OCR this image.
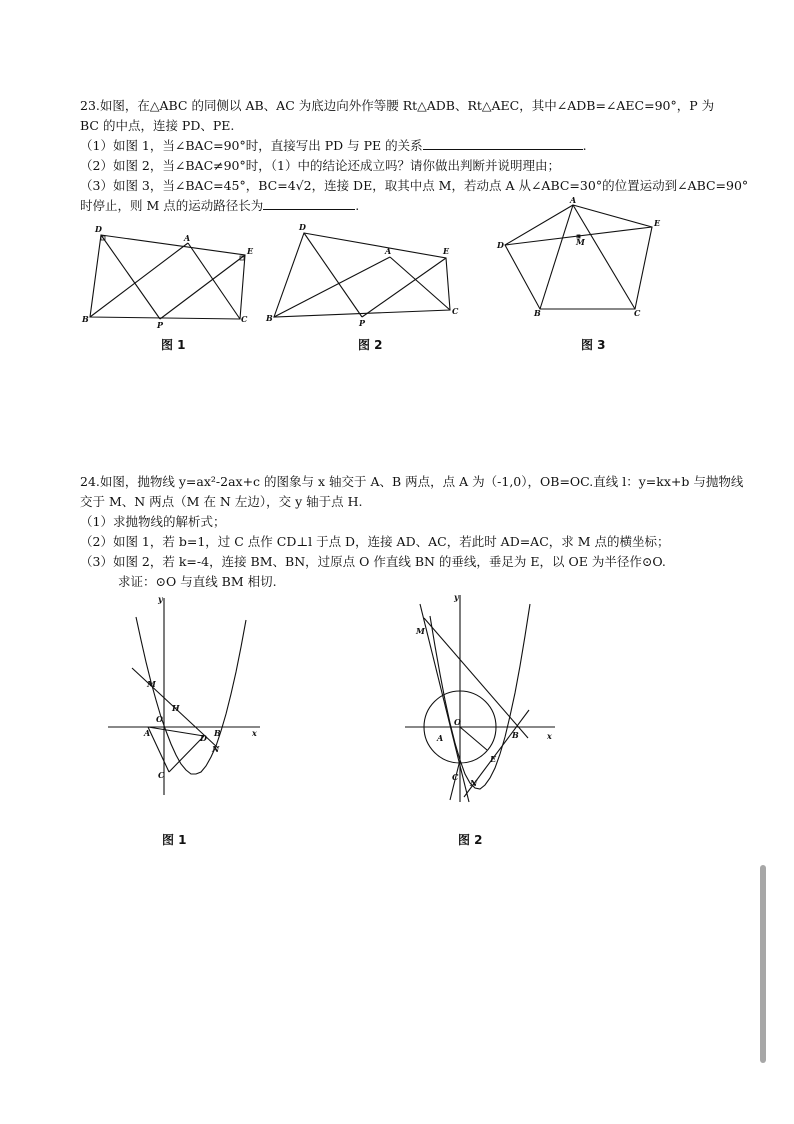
23.如图，在△ABC 的同侧以 AB、AC 为底边向外作等腰 Rt△ADB、Rt△AEC，其中∠ADB=∠AEC=90°，P 为
BC 的中点，连接 PD、PE.
（1）如图 1，当∠BAC=90°时，直接写出 PD 与 PE 的关系	.
（2）如图 2，当∠BAC≠90°时，（1）中的结论还成立吗？请你做出判断并说明理由；
（3）如图 3，当∠BAC=45°，BC=4√2，连接 DE，取其中点 M，若动点 A 从∠ABC=30°的位置运动到∠ABC=90°
时停止，则 M 点的运动路径长为	.
D
A
E
B
P
C
图 1
D
A	E
B	P
C
图 2
A
E
D	M
B	C
图 3
24.如图，抛物线 y=ax²-2ax+c 的图象与 x 轴交于 A、B 两点，点 A 为（-1,0），OB=OC.直线 l：y=kx+b 与抛物线
交于 M、N 两点（M 在 N 左边），交 y 轴于点 H.
（1）求抛物线的解析式；
（2）如图 1，若 b=1，过 C 点作 CD⊥l 于点 D，连接 AD、AC，若此时 AD=AC，求 M 点的横坐标；
（3）如图 2，若 k=-4，连接 BM、BN，过原点 O 作直线 BN 的垂线，垂足为 E，以 OE 为半径作⊙O.
求证：⊙O 与直线 BM 相切.
y
x
M
H
O
A	B
D
N
C
图 1
y
x
M
O
A	B
E
C
N
图 2
